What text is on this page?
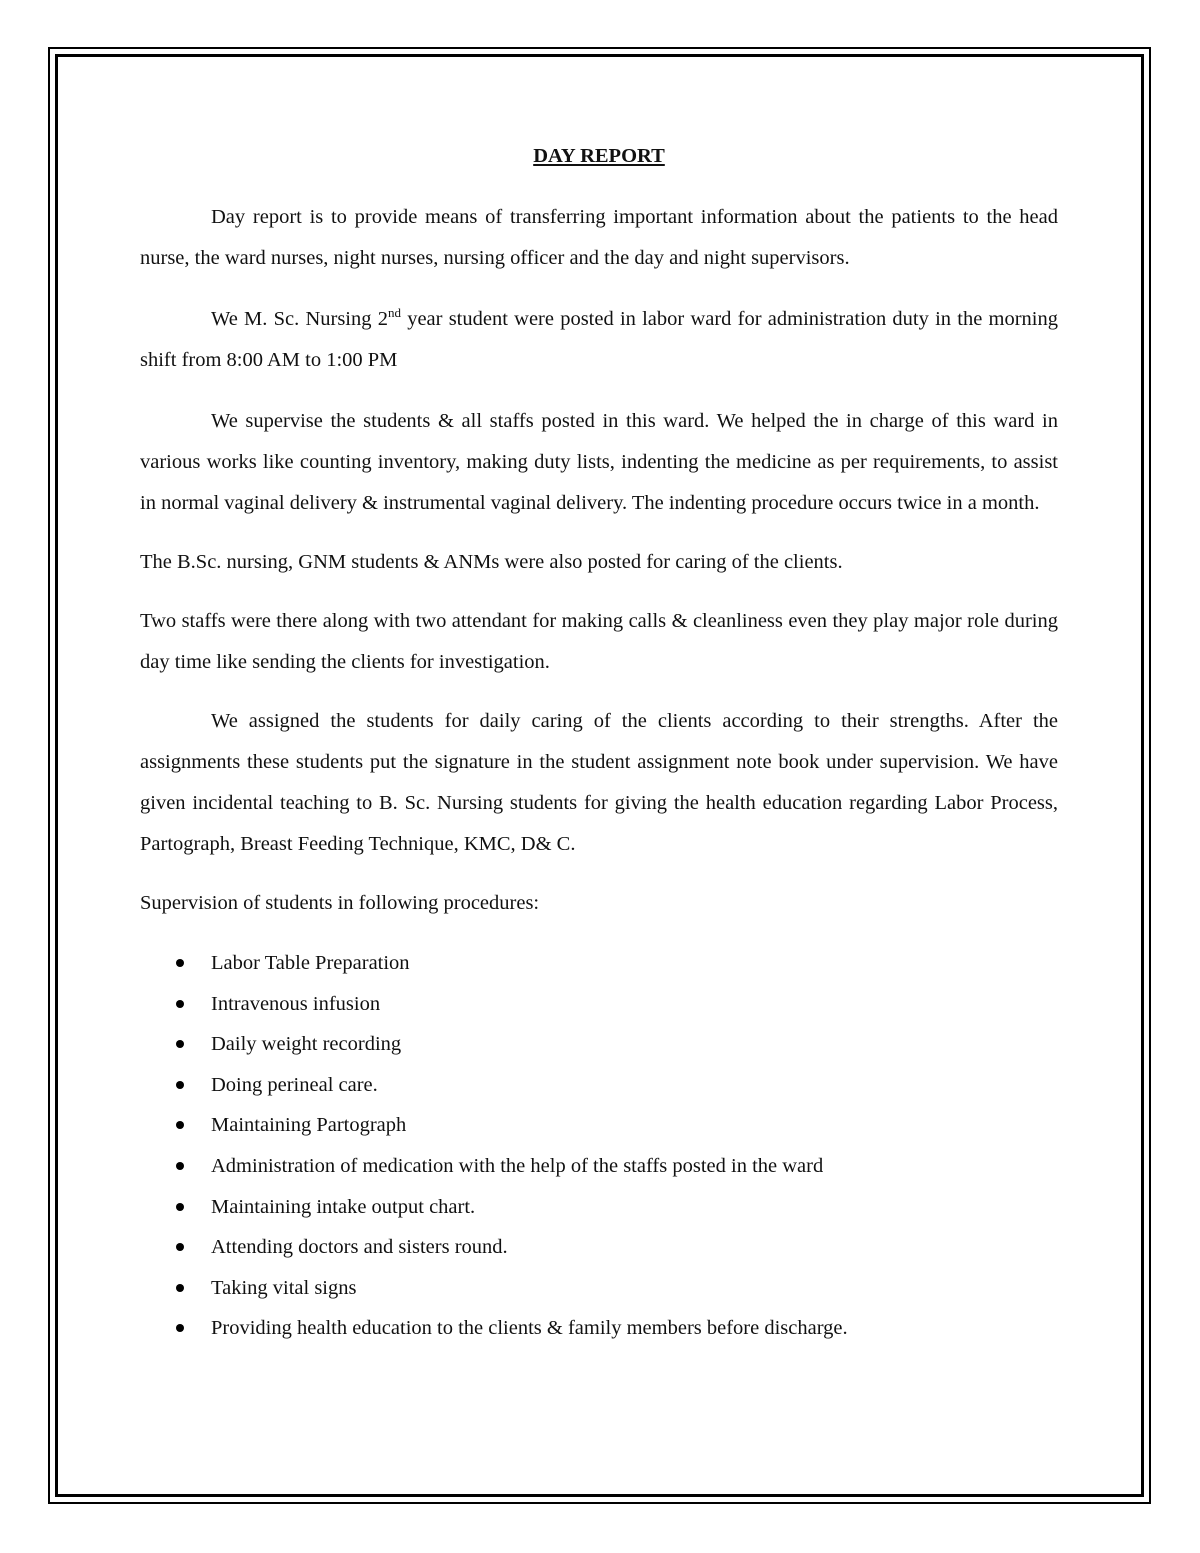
DAY REPORT

Day report is to provide means of transferring important information about the patients to the head nurse, the ward nurses, night nurses, nursing officer and the day and night supervisors.

We M. Sc. Nursing 2nd year student were posted in labor ward for administration duty in the morning shift from 8:00 AM to 1:00 PM

We supervise the students & all staffs posted in this ward. We helped the in charge of this ward in various works like counting inventory, making duty lists, indenting the medicine as per requirements, to assist in normal vaginal delivery & instrumental vaginal delivery. The indenting procedure occurs twice in a month.

The B.Sc. nursing, GNM students & ANMs were also posted for caring of the clients.

Two staffs were there along with two attendant for making calls & cleanliness even they play major role during day time like sending the clients for investigation.

We assigned the students for daily caring of the clients according to their strengths. After the assignments these students put the signature in the student assignment note book under supervision. We have given incidental teaching to B. Sc. Nursing students for giving the health education regarding Labor Process, Partograph, Breast Feeding Technique, KMC, D& C.

Supervision of students in following procedures:

Labor Table Preparation
Intravenous infusion
Daily weight recording
Doing perineal care.
Maintaining Partograph
Administration of medication with the help of the staffs posted in the ward
Maintaining intake output chart.
Attending doctors and sisters round.
Taking vital signs
Providing health education to the clients & family members before discharge.
